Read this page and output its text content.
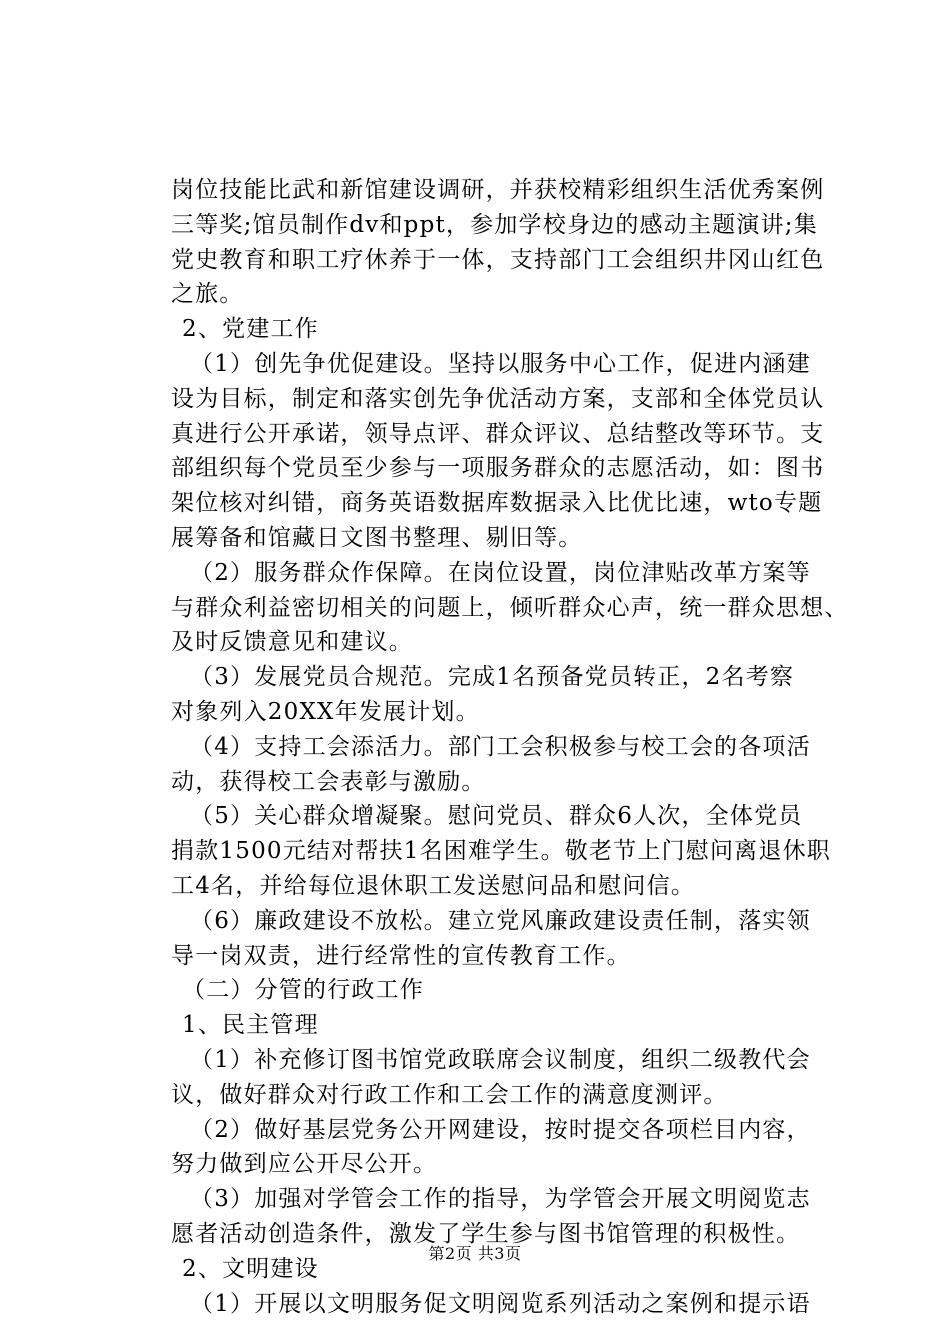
岗位技能比武和新馆建设调研，并获校精彩组织生活优秀案例
三等奖;馆员制作dv和ppt，参加学校身边的感动主题演讲;集
党史教育和职工疗休养于一体，支持部门工会组织井冈山红色
之旅。
2、党建工作
（1）创先争优促建设。坚持以服务中心工作，促进内涵建
设为目标，制定和落实创先争优活动方案，支部和全体党员认
真进行公开承诺，领导点评、群众评议、总结整改等环节。支
部组织每个党员至少参与一项服务群众的志愿活动，如：图书
架位核对纠错，商务英语数据库数据录入比优比速，wto专题
展筹备和馆藏日文图书整理、剔旧等。
（2）服务群众作保障。在岗位设置，岗位津贴改革方案等
与群众利益密切相关的问题上，倾听群众心声，统一群众思想、
及时反馈意见和建议。
（3）发展党员合规范。完成1名预备党员转正，2名考察
对象列入20XX年发展计划。
（4）支持工会添活力。部门工会积极参与校工会的各项活
动，获得校工会表彰与激励。
（5）关心群众增凝聚。慰问党员、群众6人次，全体党员
捐款1500元结对帮扶1名困难学生。敬老节上门慰问离退休职
工4名，并给每位退休职工发送慰问品和慰问信。
（6）廉政建设不放松。建立党风廉政建设责任制，落实领
导一岗双责，进行经常性的宣传教育工作。
（二）分管的行政工作
1、民主管理
（1）补充修订图书馆党政联席会议制度，组织二级教代会
议，做好群众对行政工作和工会工作的满意度测评。
（2）做好基层党务公开网建设，按时提交各项栏目内容，
努力做到应公开尽公开。
（3）加强对学管会工作的指导，为学管会开展文明阅览志
愿者活动创造条件，激发了学生参与图书馆管理的积极性。
2、文明建设
（1）开展以文明服务促文明阅览系列活动之案例和提示语
第2页 共3页
